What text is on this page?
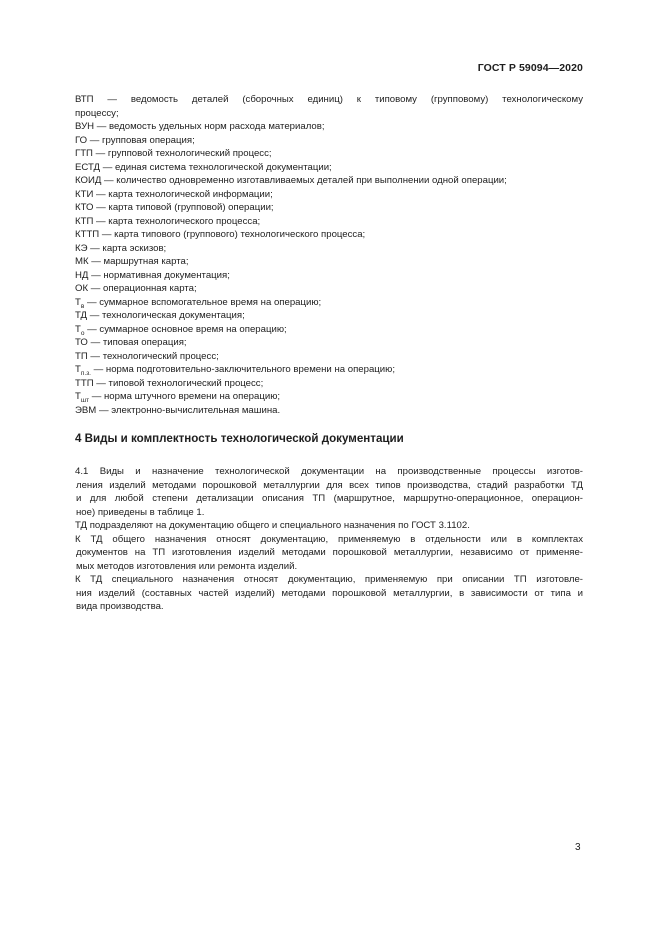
ГОСТ Р 59094—2020
ВТП — ведомость деталей (сборочных единиц) к типовому (групповому) технологическому
процессу;
ВУН — ведомость удельных норм расхода материалов;
ГО — групповая операция;
ГТП — групповой технологический процесс;
ЕСТД — единая система технологической документации;
КОИД — количество одновременно изготавливаемых деталей при выполнении одной операции;
КТИ — карта технологической информации;
КТО — карта типовой (групповой) операции;
КТП — карта технологического процесса;
КТТП — карта типового (группового) технологического процесса;
КЭ — карта эскизов;
МК — маршрутная карта;
НД — нормативная документация;
ОК — операционная карта;
$Т_в$ — суммарное вспомогательное время на операцию;
ТД — технологическая документация;
$Т_о$ — суммарное основное время на операцию;
ТО — типовая операция;
ТП — технологический процесс;
$Т_{п.з.}$ — норма подготовительно-заключительного времени на операцию;
ТТП — типовой технологический процесс;
$Т_{шт}$ — норма штучного времени на операцию;
ЭВМ — электронно-вычислительная машина.
4 Виды и комплектность технологической документации
4.1 Виды и назначение технологической документации на производственные процессы изготов-
ления изделий методами порошковой металлургии для всех типов производства, стадий разработки ТД
и для любой степени детализации описания ТП (маршрутное, маршрутно-операционное, операцион-
ное) приведены в таблице 1.
ТД подразделяют на документацию общего и специального назначения по ГОСТ 3.1102.
К ТД общего назначения относят документацию, применяемую в отдельности или в комплектах
документов на ТП изготовления изделий методами порошковой металлургии, независимо от применяе-
мых методов изготовления или ремонта изделий.
К ТД специального назначения относят документацию, применяемую при описании ТП изготовле-
ния изделий (составных частей изделий) методами порошковой металлургии, в зависимости от типа и
вида производства.
3
